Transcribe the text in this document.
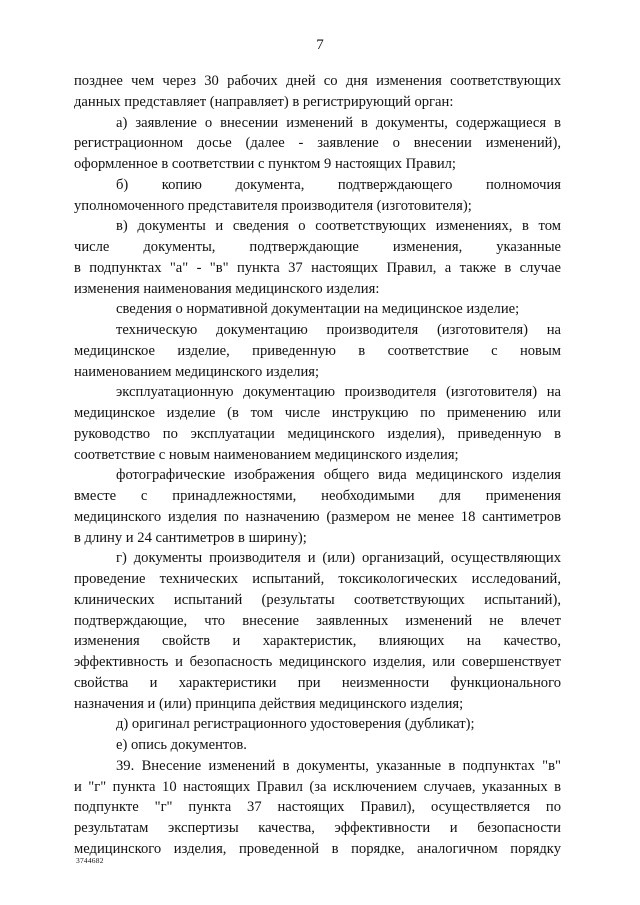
7
позднее чем через 30 рабочих дней со дня изменения соответствующих
данных представляет (направляет) в регистрирующий орган:
а) заявление о внесении изменений в документы, содержащиеся в
регистрационном досье (далее - заявление о внесении изменений),
оформленное в соответствии с пунктом 9 настоящих Правил;
б) копию документа, подтверждающего полномочия
уполномоченного представителя производителя (изготовителя);
в) документы и сведения о соответствующих изменениях, в том
числе документы, подтверждающие изменения, указанные
в подпунктах "а" - "в" пункта 37 настоящих Правил, а также в случае
изменения наименования медицинского изделия:
сведения о нормативной документации на медицинское изделие;
техническую документацию производителя (изготовителя) на
медицинское изделие, приведенную в соответствие с новым
наименованием медицинского изделия;
эксплуатационную документацию производителя (изготовителя) на
медицинское изделие (в том числе инструкцию по применению или
руководство по эксплуатации медицинского изделия), приведенную в
соответствие с новым наименованием медицинского изделия;
фотографические изображения общего вида медицинского изделия
вместе с принадлежностями, необходимыми для применения
медицинского изделия по назначению (размером не менее 18 сантиметров
в длину и 24 сантиметров в ширину);
г) документы производителя и (или) организаций, осуществляющих
проведение технических испытаний, токсикологических исследований,
клинических испытаний (результаты соответствующих испытаний),
подтверждающие, что внесение заявленных изменений не влечет
изменения свойств и характеристик, влияющих на качество,
эффективность и безопасность медицинского изделия, или совершенствует
свойства и характеристики при неизменности функционального
назначения и (или) принципа действия медицинского изделия;
д) оригинал регистрационного удостоверения (дубликат);
е) опись документов.
39. Внесение изменений в документы, указанные в подпунктах "в"
и "г" пункта 10 настоящих Правил (за исключением случаев, указанных в
подпункте "г" пункта 37 настоящих Правил), осуществляется по
результатам экспертизы качества, эффективности и безопасности
медицинского изделия, проведенной в порядке, аналогичном порядку
3744682
